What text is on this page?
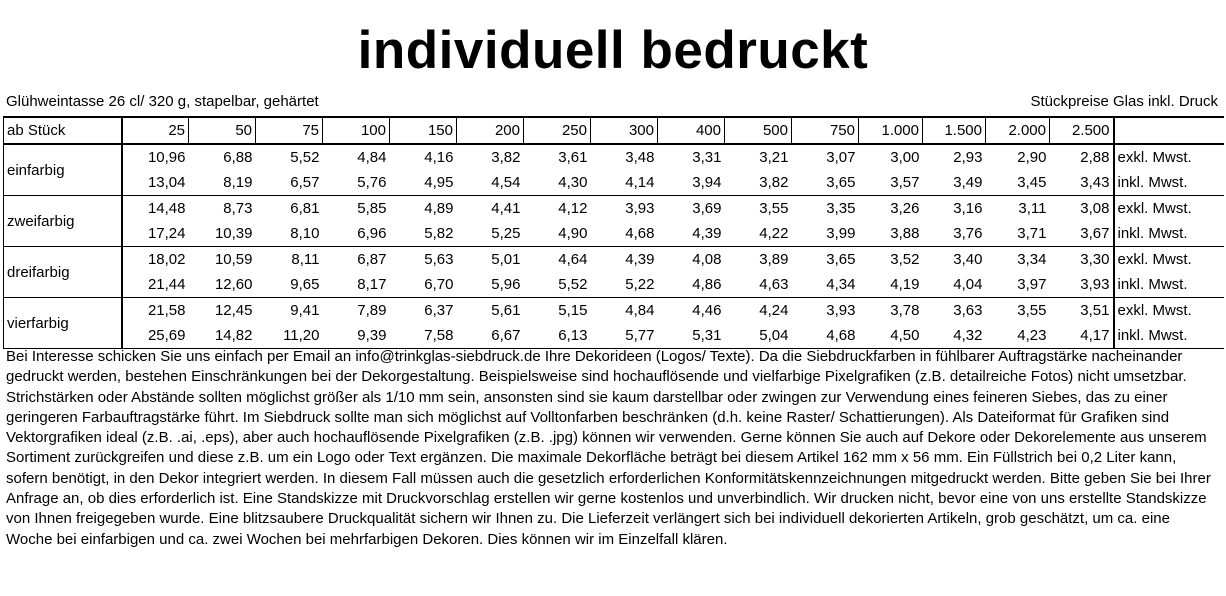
individuell bedruckt
Glühweintasse 26 cl/ 320 g, stapelbar, gehärtet	Stückpreise Glas inkl. Druck
ab Stück	25	50	75	100	150	200	250	300	400	500	750	1.000	1.500	2.000	2.500	
einfarbig	10,96	6,88	5,52	4,84	4,16	3,82	3,61	3,48	3,31	3,21	3,07	3,00	2,93	2,90	2,88	exkl. Mwst.
	13,04	8,19	6,57	5,76	4,95	4,54	4,30	4,14	3,94	3,82	3,65	3,57	3,49	3,45	3,43	inkl. Mwst.
zweifarbig	14,48	8,73	6,81	5,85	4,89	4,41	4,12	3,93	3,69	3,55	3,35	3,26	3,16	3,11	3,08	exkl. Mwst.
	17,24	10,39	8,10	6,96	5,82	5,25	4,90	4,68	4,39	4,22	3,99	3,88	3,76	3,71	3,67	inkl. Mwst.
dreifarbig	18,02	10,59	8,11	6,87	5,63	5,01	4,64	4,39	4,08	3,89	3,65	3,52	3,40	3,34	3,30	exkl. Mwst.
	21,44	12,60	9,65	8,17	6,70	5,96	5,52	5,22	4,86	4,63	4,34	4,19	4,04	3,97	3,93	inkl. Mwst.
vierfarbig	21,58	12,45	9,41	7,89	6,37	5,61	5,15	4,84	4,46	4,24	3,93	3,78	3,63	3,55	3,51	exkl. Mwst.
	25,69	14,82	11,20	9,39	7,58	6,67	6,13	5,77	5,31	5,04	4,68	4,50	4,32	4,23	4,17	inkl. Mwst.
Bei Interesse schicken Sie uns einfach per Email an info@trinkglas-siebdruck.de Ihre Dekorideen (Logos/ Texte). Da die Siebdruckfarben in fühlbarer Auftragstärke nacheinander gedruckt werden, bestehen Einschränkungen bei der Dekorgestaltung. Beispielsweise sind hochauflösende und vielfarbige Pixelgrafiken (z.B. detailreiche Fotos) nicht umsetzbar. Strichstärken oder Abstände sollten möglichst größer als 1/10 mm sein, ansonsten sind sie kaum darstellbar oder zwingen zur Verwendung eines feineren Siebes, das zu einer geringeren Farbauftragstärke führt. Im Siebdruck sollte man sich möglichst auf Volltonfarben beschränken (d.h. keine Raster/ Schattierungen). Als Dateiformat für Grafiken sind Vektorgrafiken ideal (z.B. .ai, .eps), aber auch hochauflösende Pixelgrafiken (z.B. .jpg) können wir verwenden. Gerne können Sie auch auf Dekore oder Dekorelemente aus unserem Sortiment zurückgreifen und diese z.B. um ein Logo oder Text ergänzen. Die maximale Dekorfläche beträgt bei diesem Artikel 162 mm x 56 mm. Ein Füllstrich bei 0,2 Liter kann, sofern benötigt, in den Dekor integriert werden. In diesem Fall müssen auch die gesetzlich erforderlichen Konformitätskennzeichnungen mitgedruckt werden. Bitte geben Sie bei Ihrer Anfrage an, ob dies erforderlich ist. Eine Standskizze mit Druckvorschlag erstellen wir gerne kostenlos und unverbindlich. Wir drucken nicht, bevor eine von uns erstellte Standskizze von Ihnen freigegeben wurde. Eine blitzsaubere Druckqualität sichern wir Ihnen zu. Die Lieferzeit verlängert sich bei individuell dekorierten Artikeln, grob geschätzt, um ca. eine Woche bei einfarbigen und ca. zwei Wochen bei mehrfarbigen Dekoren. Dies können wir im Einzelfall klären.
